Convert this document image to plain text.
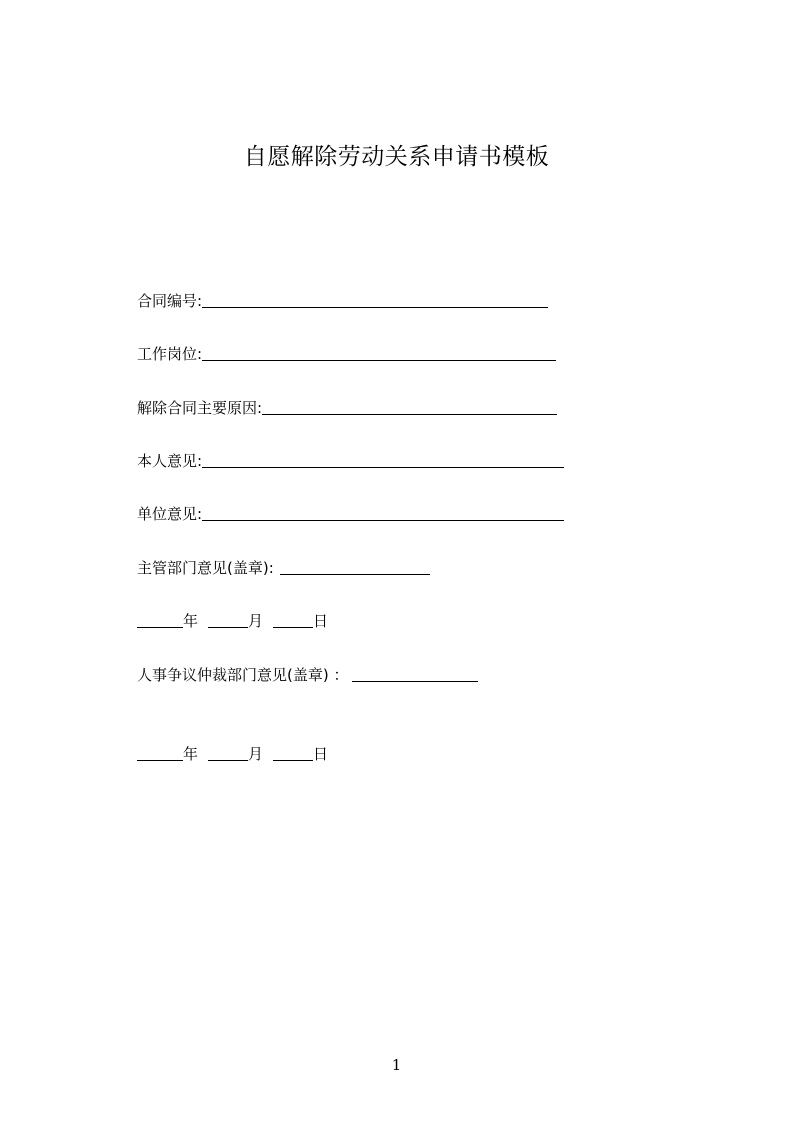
自愿解除劳动关系申请书模板
合同编号:
工作岗位:
解除合同主要原因:
本人意见:
单位意见:
主管部门意见(盖章):
年	月	日
人事争议仲裁部门意见(盖章) ：
年	月	日
1
